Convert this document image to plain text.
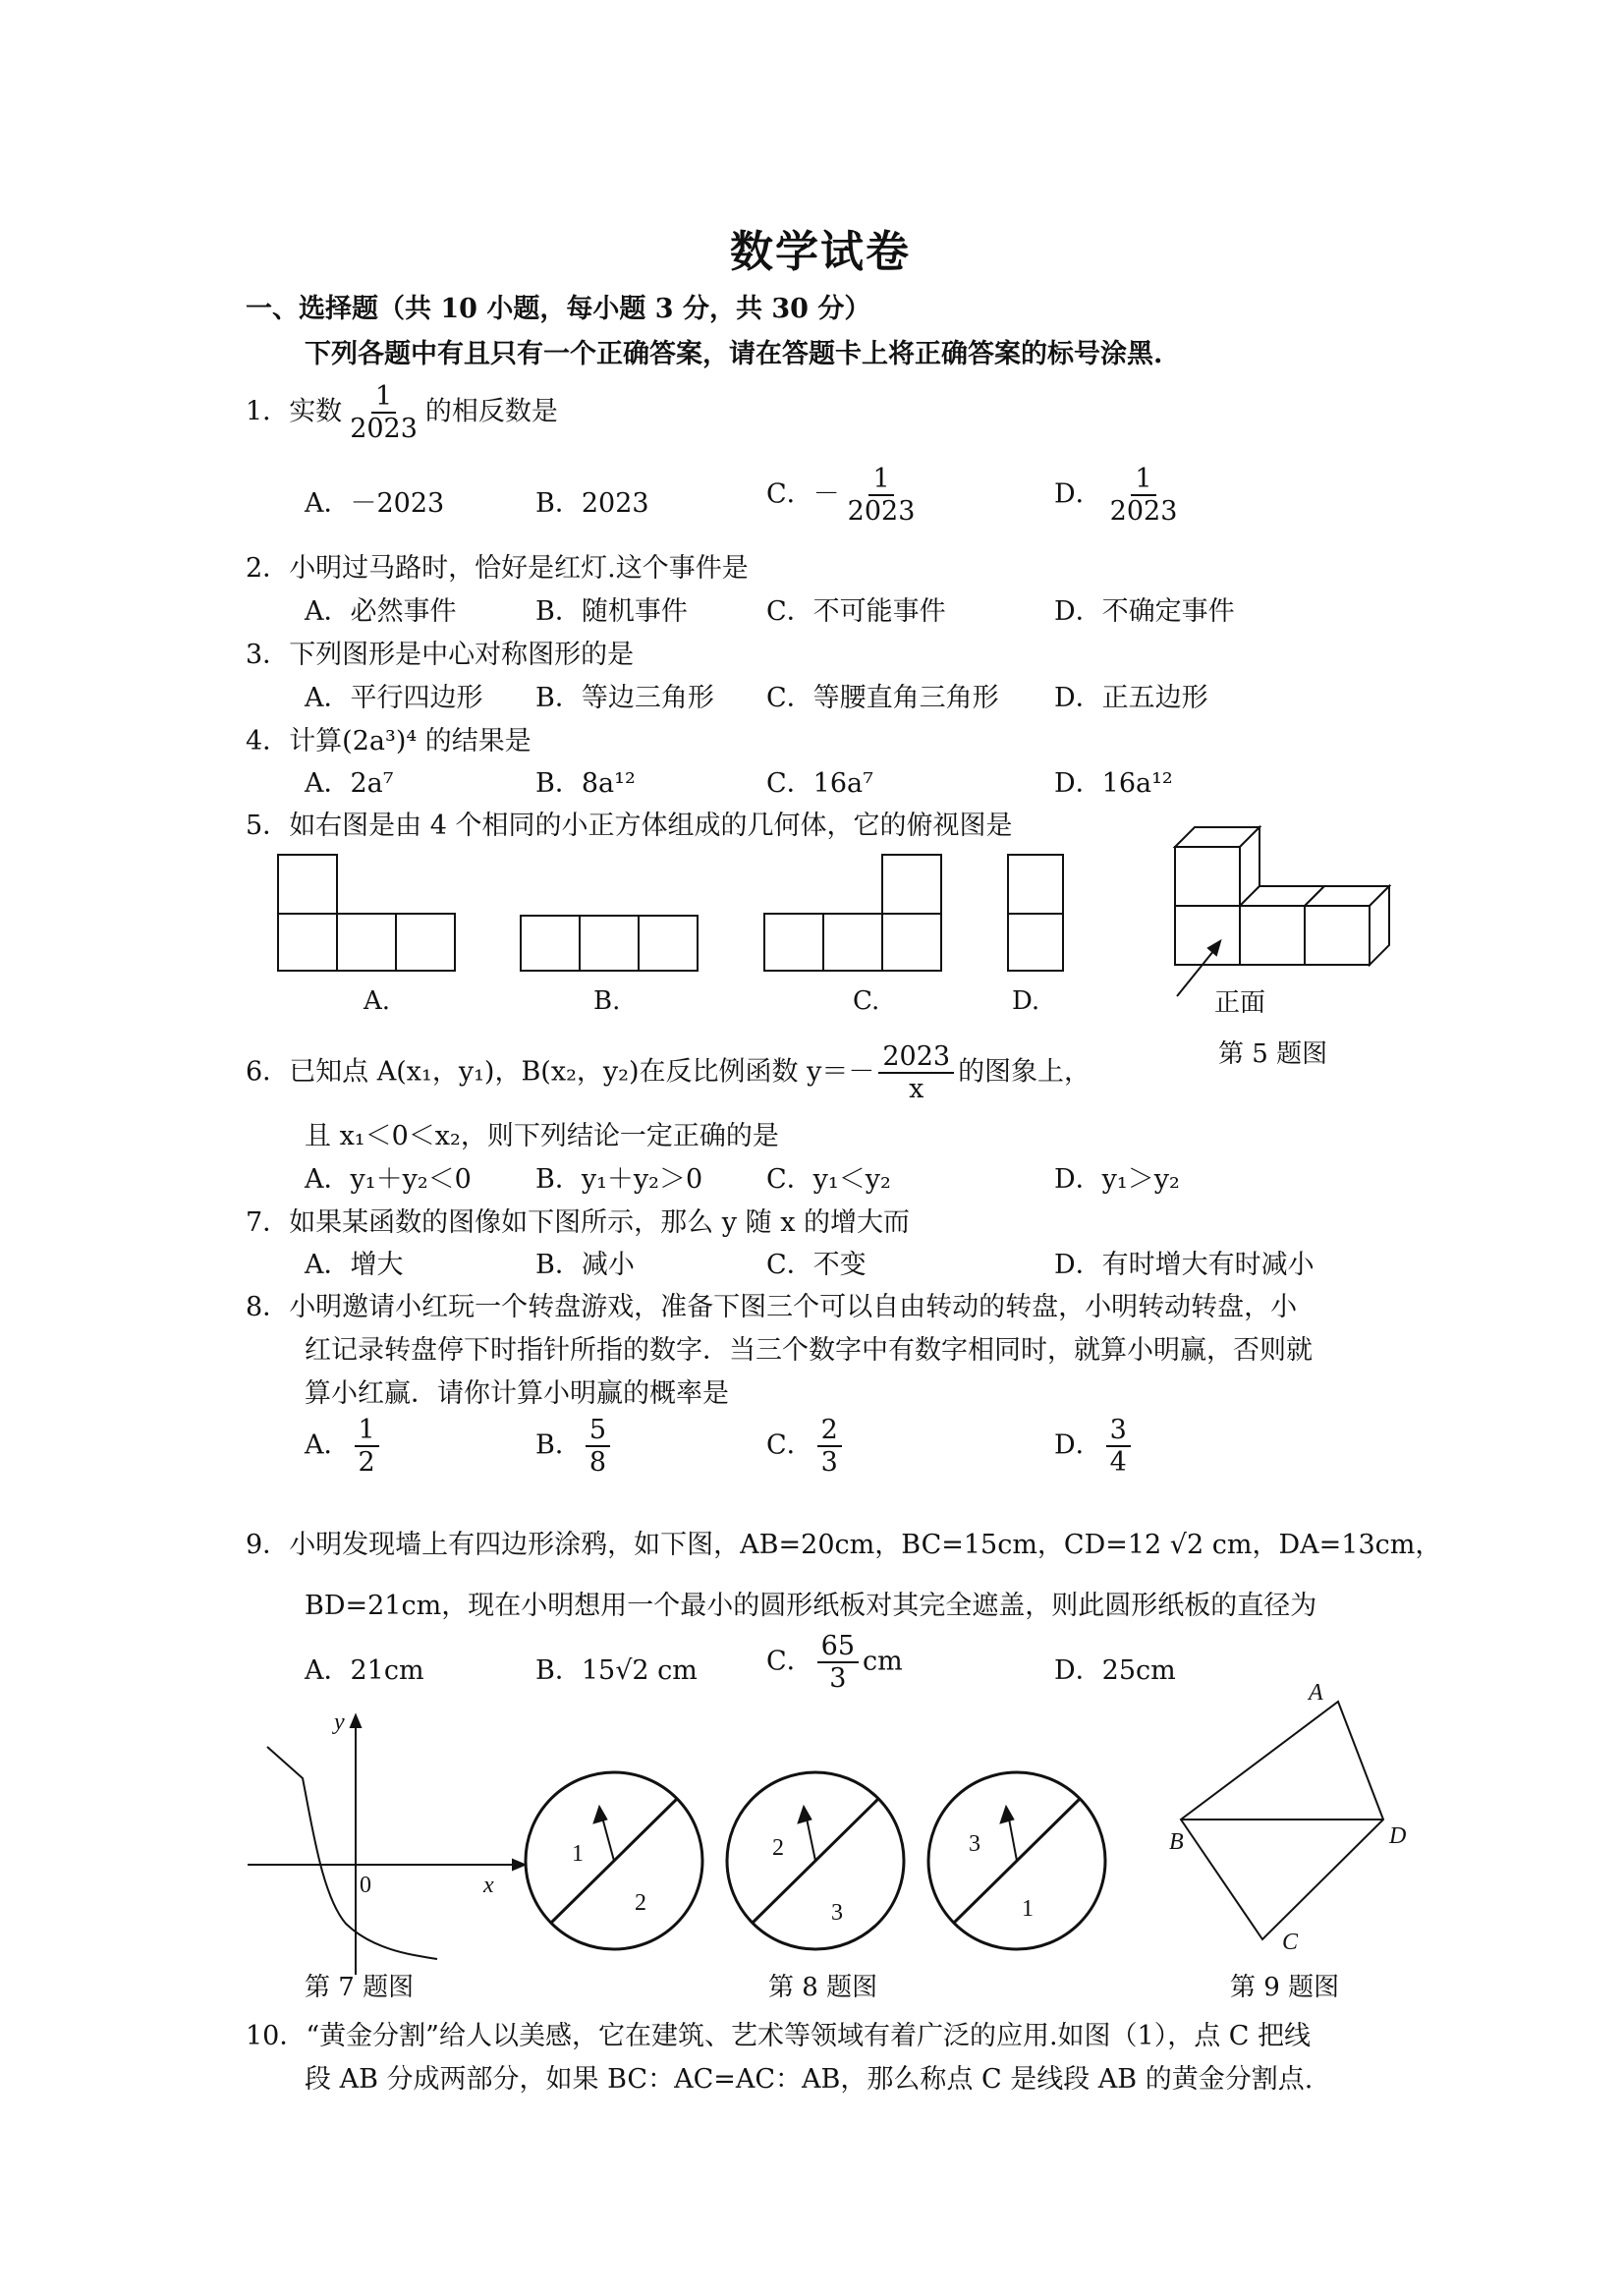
数学试卷
一、选择题（共 10 小题，每小题 3 分，共 30 分）
下列各题中有且只有一个正确答案，请在答题卡上将正确答案的标号涂黑.
1．实数 $\frac{1}{2023}$ 的相反数是
A．－2023	B．2023	C．－ $\frac{1}{2023}$	D． $\frac{1}{2023}$
2．小明过马路时，恰好是红灯.这个事件是
A．必然事件	B．随机事件	C．不可能事件	D．不确定事件
3．下列图形是中心对称图形的是
A．平行四边形 B．等边三角形 C．等腰直角三角形 D．正五边形
4．计算(2a³)⁴ 的结果是
A．2a⁷	B．8a¹²	C．16a⁷	D．16a¹²
5．如右图是由 4 个相同的小正方体组成的几何体，它的俯视图是
A.	B.	C.	D.	正面
第 5 题图
6．已知点 A(x₁，y₁)，B(x₂，y₂)在反比例函数 $y=- \frac{2023}{x}$ 的图象上，
且 x₁＜0＜x₂，则下列结论一定正确的是
A．y₁＋y₂＜0 B．y₁＋y₂＞0 C．y₁＜y₂	D．y₁＞y₂
7．如果某函数的图像如下图所示，那么 y 随 x 的增大而
A．增大	B．减小	C．不变	D．有时增大有时减小
8．小明邀请小红玩一个转盘游戏，准备下图三个可以自由转动的转盘，小明转动转盘，小
红记录转盘停下时指针所指的数字．当三个数字中有数字相同时，就算小明赢，否则就
算小红赢．请你计算小明赢的概率是
A． $\frac{1}{2}$	B． $\frac{5}{8}$	C． $\frac{2}{3}$	D． $\frac{3}{4}$
9．小明发现墙上有四边形涂鸦，如下图，AB=20cm，BC=15cm，CD=12 √2 cm，DA=13cm，
BD=21cm，现在小明想用一个最小的圆形纸板对其完全遮盖，则此圆形纸板的直径为
A．21cm	B．15√2 cm	C． $\frac{65}{3}$ cm	D．25cm
y
x
0
1
2
2
3
3
1
A
B
C
D
第 7 题图	第 8 题图	第 9 题图
10．“黄金分割”给人以美感，它在建筑、艺术等领域有着广泛的应用.如图（1），点 C 把线
段 AB 分成两部分，如果 BC：AC=AC：AB，那么称点 C 是线段 AB 的黄金分割点.
